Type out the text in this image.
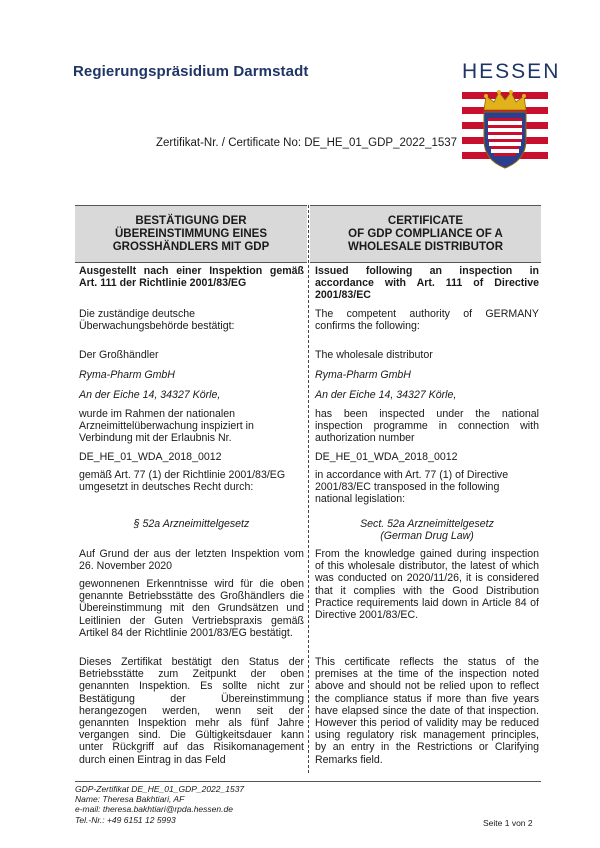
Regierungspräsidium Darmstadt	HESSEN
Zertifikat-Nr. / Certificate No: DE_HE_01_GDP_2022_1537
BESTÄTIGUNG DER
ÜBEREINSTIMMUNG EINES
GROSSHÄNDLERS MIT GDP
CERTIFICATE
OF GDP COMPLIANCE OF A
WHOLESALE DISTRIBUTOR

Ausgestellt nach einer Inspektion gemäß Art. 111 der Richtlinie 2001/83/EG

Die zuständige deutsche Überwachungsbehörde bestätigt:

Der Großhändler

Ryma-Pharm GmbH

An der Eiche 14, 34327 Körle,

wurde im Rahmen der nationalen Arzneimittelüberwachung inspiziert in Verbindung mit der Erlaubnis Nr.

DE_HE_01_WDA_2018_0012

gemäß Art. 77 (1) der Richtlinie 2001/83/EG umgesetzt in deutsches Recht durch:

§ 52a Arzneimittelgesetz

Auf Grund der aus der letzten Inspektion vom 26. November 2020

gewonnenen Erkenntnisse wird für die oben genannte Betriebsstätte des Großhändlers die Übereinstimmung mit den Grundsätzen und Leitlinien der Guten Vertriebspraxis gemäß Artikel 84 der Richtlinie 2001/83/EG bestätigt.

Dieses Zertifikat bestätigt den Status der Betriebsstätte zum Zeitpunkt der oben genannten Inspektion. Es sollte nicht zur Bestätigung der Übereinstimmung herangezogen werden, wenn seit der genannten Inspektion mehr als fünf Jahre vergangen sind. Die Gültigkeitsdauer kann unter Rückgriff auf das Risikomanagement durch einen Eintrag in das Feld

Issued following an inspection in accordance with Art. 111 of Directive 2001/83/EC

The competent authority of GERMANY confirms the following:

The wholesale distributor

Ryma-Pharm GmbH

An der Eiche 14, 34327 Körle,

has been inspected under the national inspection programme in connection with authorization number

DE_HE_01_WDA_2018_0012

in accordance with Art. 77 (1) of Directive 2001/83/EC transposed in the following national legislation:

Sect. 52a Arzneimittelgesetz

(German Drug Law)

From the knowledge gained during inspection of this wholesale distributor, the latest of which was conducted on 2020/11/26, it is considered that it complies with the Good Distribution Practice requirements laid down in Article 84 of Directive 2001/83/EC.

This certificate reflects the status of the premises at the time of the inspection noted above and should not be relied upon to reflect the compliance status if more than five years have elapsed since the date of that inspection. However this period of validity may be reduced using regulatory risk management principles, by an entry in the Restrictions or Clarifying Remarks field.

GDP-Zertifikat DE_HE_01_GDP_2022_1537
Name: Theresa Bakhtiari, AF
e-mail: theresa.bakhtiari@rpda.hessen.de
Tel.-Nr.: +49 6151 12 5993	Seite 1 von 2
